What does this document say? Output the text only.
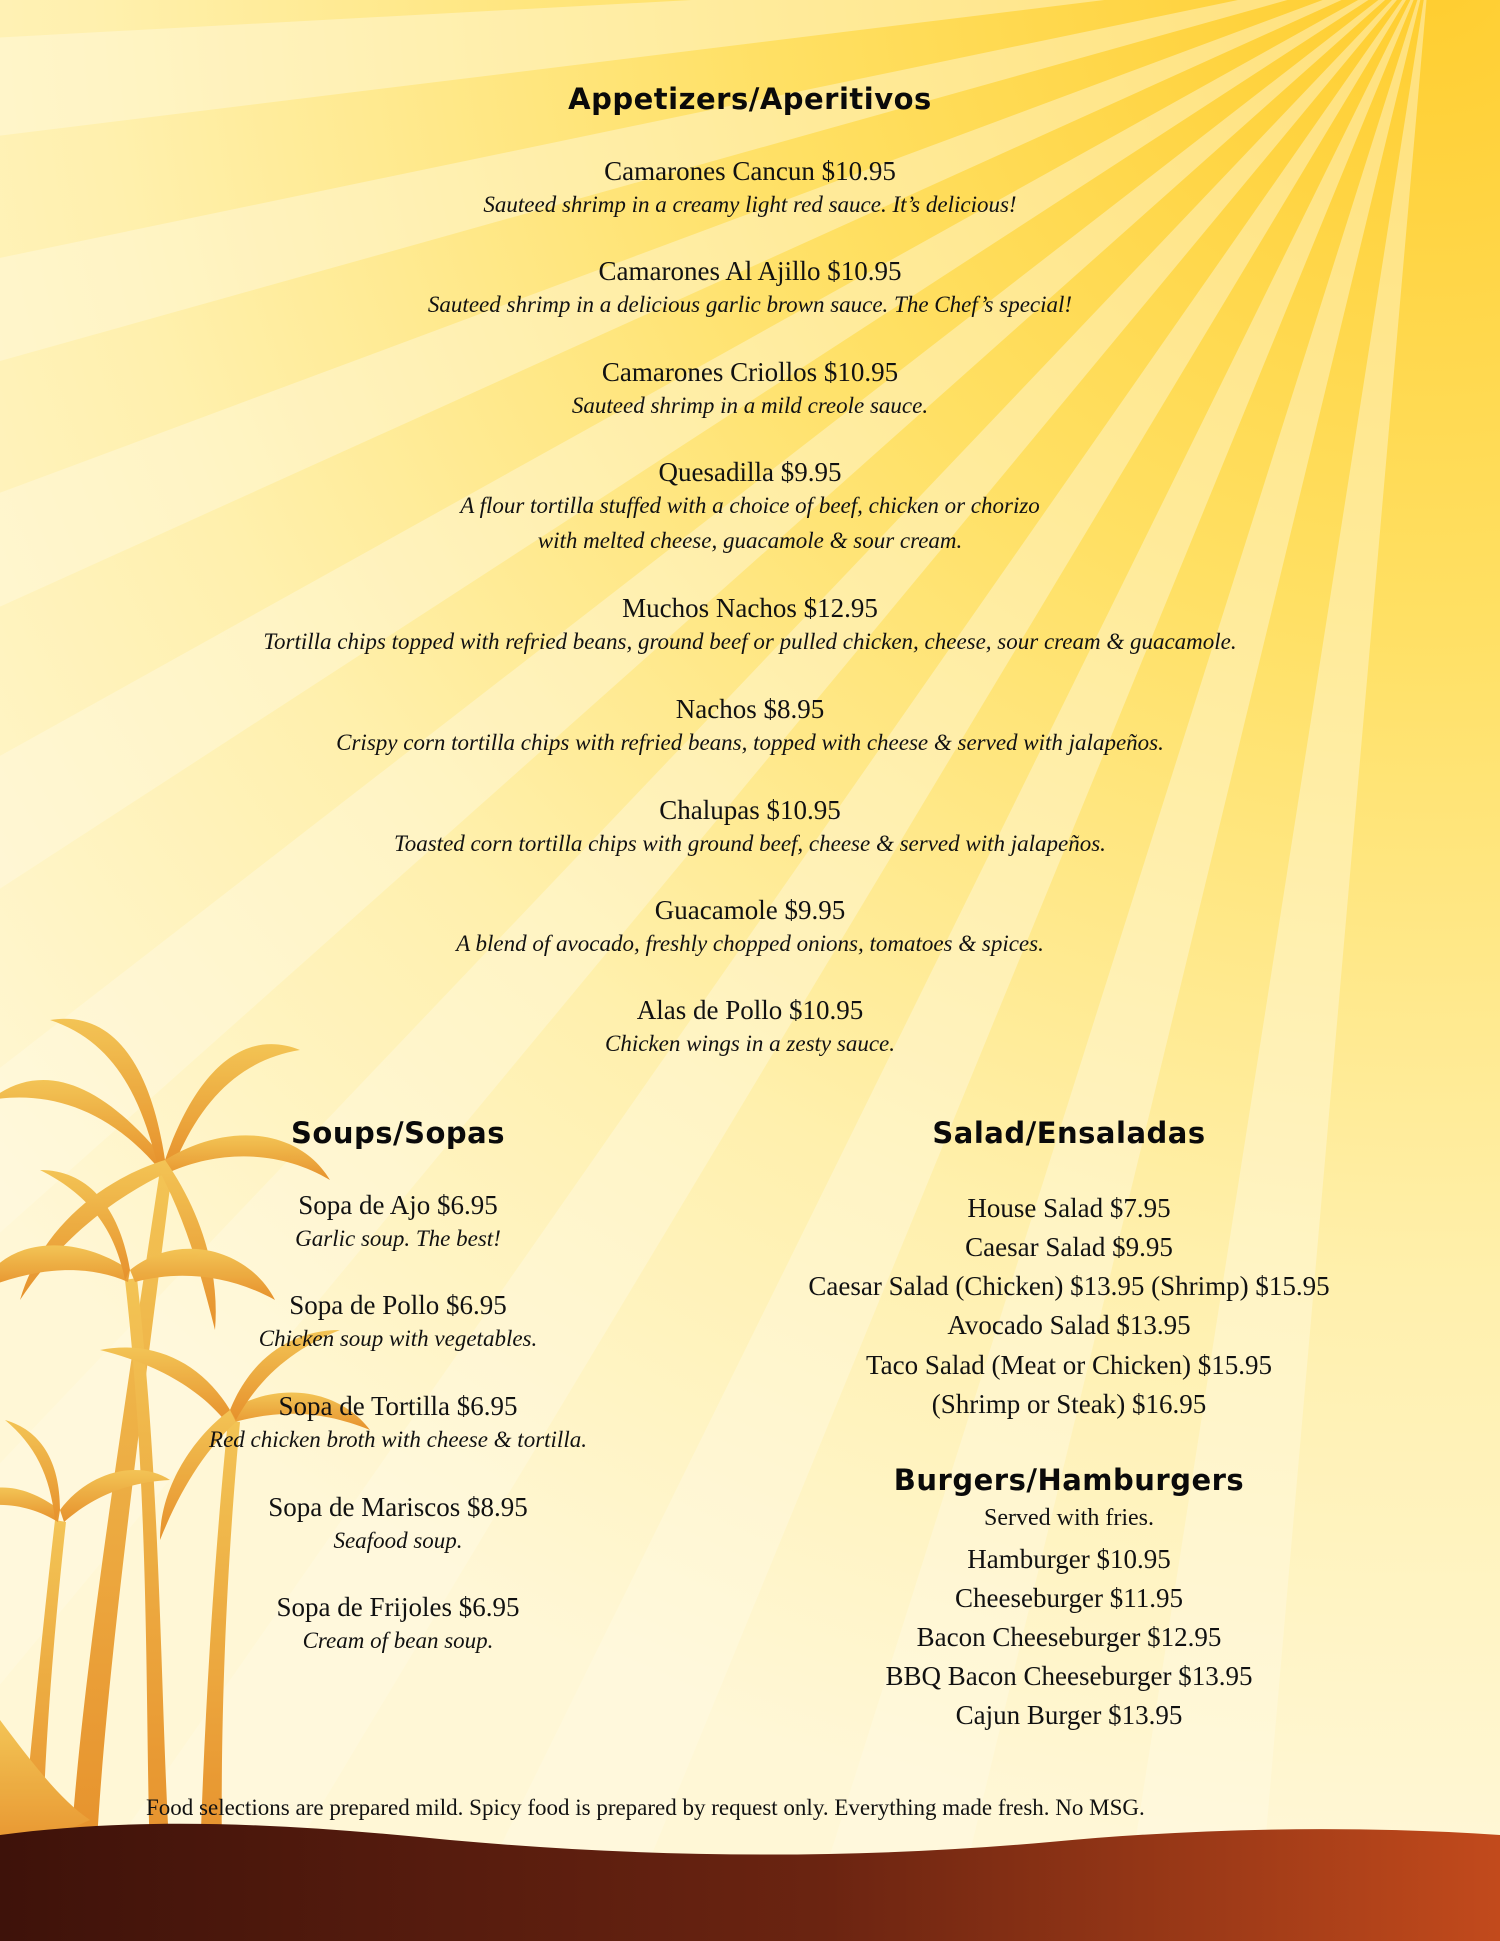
Appetizers/Aperitivos
Camarones Cancun $10.95
Sauteed shrimp in a creamy light red sauce. It’s delicious!
Camarones Al Ajillo $10.95
Sauteed shrimp in a delicious garlic brown sauce. The Chef’s special!
Camarones Criollos $10.95
Sauteed shrimp in a mild creole sauce.
Quesadilla $9.95
A flour tortilla stuffed with a choice of beef, chicken or chorizo
with melted cheese, guacamole & sour cream.
Muchos Nachos $12.95
Tortilla chips topped with refried beans, ground beef or pulled chicken, cheese, sour cream & guacamole.
Nachos $8.95
Crispy corn tortilla chips with refried beans, topped with cheese & served with jalapeños.
Chalupas $10.95
Toasted corn tortilla chips with ground beef, cheese & served with jalapeños.
Guacamole $9.95
A blend of avocado, freshly chopped onions, tomatoes & spices.
Alas de Pollo $10.95
Chicken wings in a zesty sauce.
Soups/Sopas
Sopa de Ajo $6.95
Garlic soup. The best!
Sopa de Pollo $6.95
Chicken soup with vegetables.
Sopa de Tortilla $6.95
Red chicken broth with cheese & tortilla.
Sopa de Mariscos $8.95
Seafood soup.
Sopa de Frijoles $6.95
Cream of bean soup.
Salad/Ensaladas
House Salad $7.95
Caesar Salad $9.95
Caesar Salad (Chicken) $13.95 (Shrimp) $15.95
Avocado Salad $13.95
Taco Salad (Meat or Chicken) $15.95
(Shrimp or Steak) $16.95
Burgers/Hamburgers
Served with fries.
Hamburger $10.95
Cheeseburger $11.95
Bacon Cheeseburger $12.95
BBQ Bacon Cheeseburger $13.95
Cajun Burger $13.95
Food selections are prepared mild. Spicy food is prepared by request only. Everything made fresh. No MSG.
